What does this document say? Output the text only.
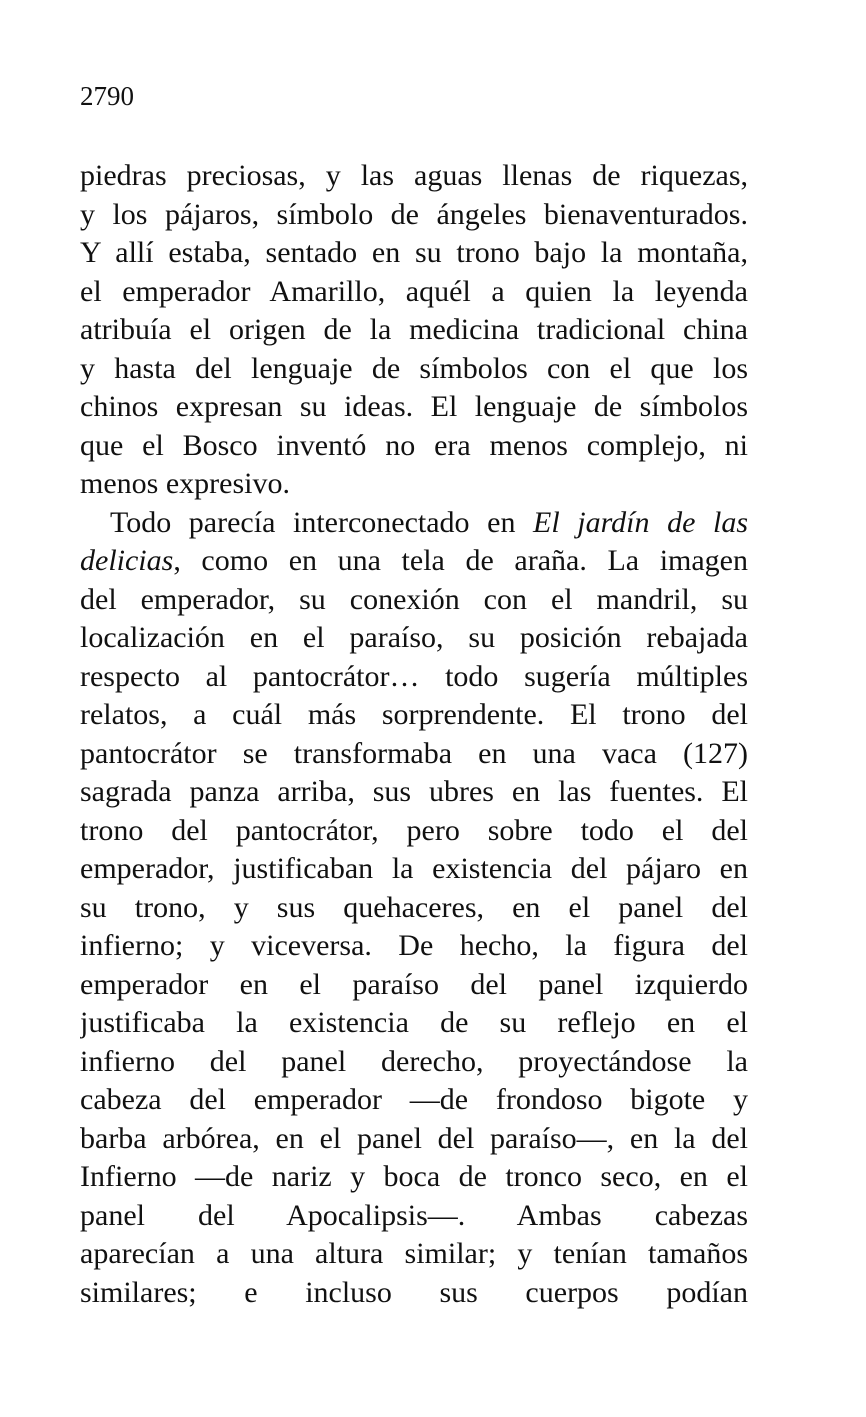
2790
piedras preciosas, y las aguas llenas de riquezas,
y los pájaros, símbolo de ángeles bienaventurados.
Y allí estaba, sentado en su trono bajo la montaña,
el emperador Amarillo, aquél a quien la leyenda
atribuía el origen de la medicina tradicional china
y hasta del lenguaje de símbolos con el que los
chinos expresan su ideas. El lenguaje de símbolos
que el Bosco inventó no era menos complejo, ni
menos expresivo.
Todo parecía interconectado en El jardín de las
delicias, como en una tela de araña. La imagen
del emperador, su conexión con el mandril, su
localización en el paraíso, su posición rebajada
respecto al pantocrátor… todo sugería múltiples
relatos, a cuál más sorprendente. El trono del
pantocrátor se transformaba en una vaca (127)
sagrada panza arriba, sus ubres en las fuentes. El
trono del pantocrátor, pero sobre todo el del
emperador, justificaban la existencia del pájaro en
su trono, y sus quehaceres, en el panel del
infierno; y viceversa. De hecho, la figura del
emperador en el paraíso del panel izquierdo
justificaba la existencia de su reflejo en el
infierno del panel derecho, proyectándose la
cabeza del emperador —de frondoso bigote y
barba arbórea, en el panel del paraíso—, en la del
Infierno —de nariz y boca de tronco seco, en el
panel del Apocalipsis—. Ambas cabezas
aparecían a una altura similar; y tenían tamaños
similares; e incluso sus cuerpos podían
